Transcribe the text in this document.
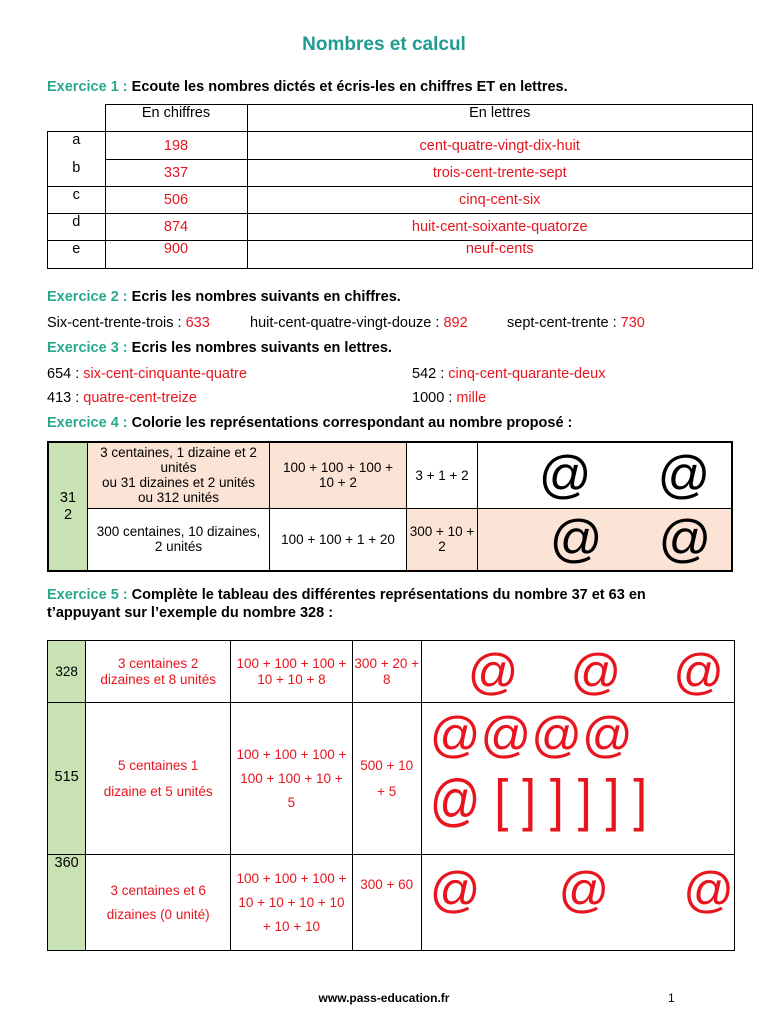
Nombres et calcul
Exercice 1 : Ecoute les nombres dictés et écris-les en chiffres ET en lettres.
	En chiffres	En lettres
a	198	cent-quatre-vingt-dix-huit
b	337	trois-cent-trente-sept
c	506	cinq-cent-six
d	874	huit-cent-soixante-quatorze
e	900	neuf-cents
Exercice 2 : Ecris les nombres suivants en chiffres.
Six-cent-trente-trois : 633	huit-cent-quatre-vingt-douze : 892	sept-cent-trente : 730
Exercice 3 : Ecris les nombres suivants en lettres.
654 : six-cent-cinquante-quatre	542 : cinq-cent-quarante-deux
413 : quatre-cent-treize	1000 : mille
Exercice 4 : Colorie les représentations correspondant au nombre proposé :
31
2	3 centaines, 1 dizaine et 2 unités
ou 31 dizaines et 2 unités
ou 312 unités	100 + 100 + 100 + 10 + 2	3 + 1 + 2	@ @
	300 centaines, 10 dizaines, 2 unités	100 + 100 + 1 + 20	300 + 10 + 2	@ @
Exercice 5 : Complète le tableau des différentes représentations du nombre 37 et 63 en
t’appuyant sur l’exemple du nombre 328 :
328	3 centaines 2 dizaines et 8 unités	100 + 100 + 100 + 10 + 10 + 8	300 + 20 + 8	@ @ @
515	5 centaines 1 dizaine et 5 unités	100 + 100 + 100 + 100 + 100 + 10 + 5	500 + 10 + 5	@@@@
@ [ ] ] ] ] ]

360	3 centaines et 6 dizaines (0 unité)	100 + 100 + 100 + 10 + 10 + 10 + 10 + 10 + 10	300 + 60	@ @ @
www.pass-education.fr	1
